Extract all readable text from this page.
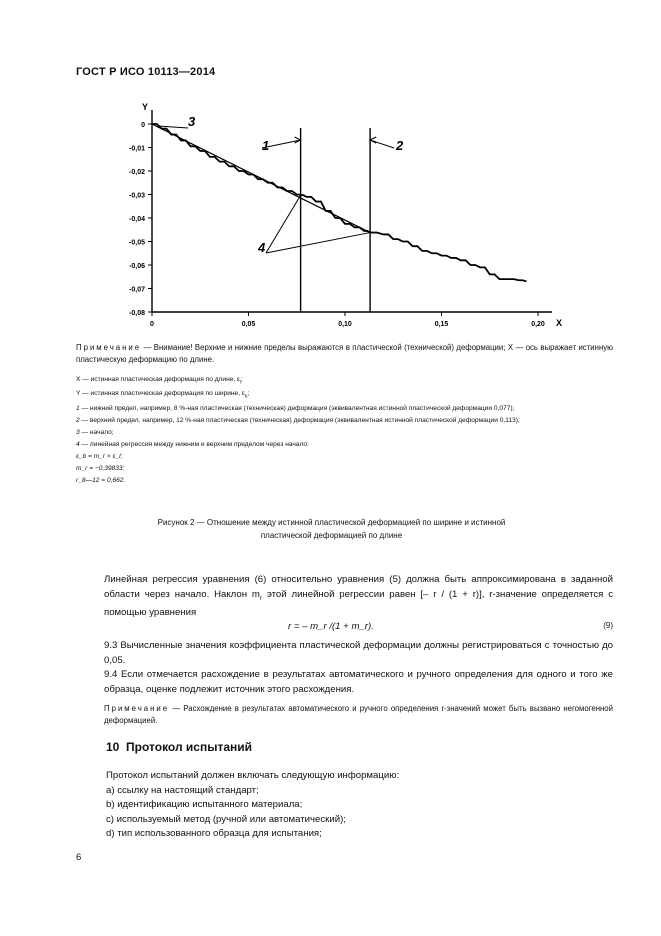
ГОСТ Р ИСО 10113—2014
Y
X
0
-0,01
-0,02
-0,03
-0,04
-0,05
-0,06
-0,07
-0,08
0	0,05	0,10	0,15	0,20
1	2
3
4
Примечание — Внимание! Верхние и нижние пределы выражаются в пластической (технической) деформации; X — ось выражает истинную пластическую деформацию по длине.
X — истинная пластическая деформация по длине, $\varepsilon_l$;
Y — истинная пластическая деформация по ширине, $\varepsilon_b$;
1 — нижний предел, например, 8 %-ная пластическая (техническая) деформация (эквивалентная истинной пластической деформации 0,077);
2 — верхний предел, например, 12 %-ная пластическая (техническая) деформация (эквивалентная истинной пластической деформации 0,113);
3 — начало;
4 — линейная регрессия между нижним и верхним пределом через начало:
ε_b = m_r × ε_l;
m_r = −0,39833;
r_8—12 = 0,662.
Рисунок 2 — Отношение между истинной пластической деформацией по ширине и истинной
пластической деформацией по длине
Линейная регрессия уравнения (6) относительно уравнения (5) должна быть аппроксимирована в заданной области через начало. Наклон $m_r$ этой линейной регрессии равен [– r / (1 + r)], r-значение определяется с помощью уравнения
r = – m_r /(1 + m_r).	(9)
9.3 Вычисленные значения коэффициента пластической деформации должны регистрироваться с точностью до 0,05.
9.4 Если отмечается расхождение в результатах автоматического и ручного определения для одного и того же образца, оценке подлежит источник этого расхождения.
Примечание — Расхождение в результатах автоматического и ручного определения r-значений может быть вызвано негомогенной деформацией.
10 Протокол испытаний
Протокол испытаний должен включать следующую информацию:
a) ссылку на настоящий стандарт;
b) идентификацию испытанного материала;
c) используемый метод (ручной или автоматический);
d) тип использованного образца для испытания;
6
